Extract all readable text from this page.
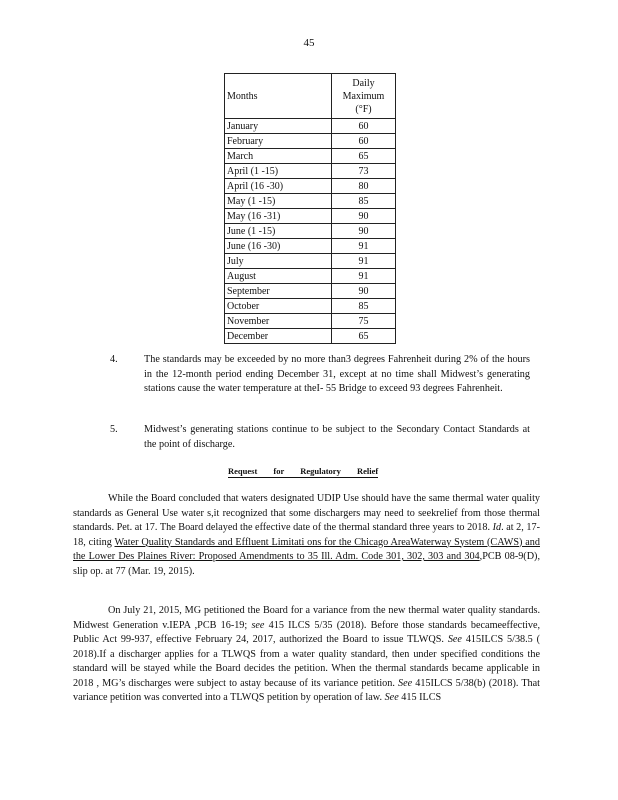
45
Months	Daily
Maximum
(°F)
January	60
February	60
March	65
April (1 -15)	73
April (16 -30)	80
May (1 -15)	85
May (16 -31)	90
June (1 -15)	90
June (16 -30)	91
July	91
August	91
September	90
October	85
November	75
December	65
4.	The standards may be exceeded by no more than3 degrees Fahrenheit during 2% of the hours in the 12-month period ending December 31, except at no time shall Midwest’s generating stations cause the water temperature at theI- 55 Bridge to exceed 93 degrees Fahrenheit.
5.	Midwest’s generating stations continue to be subject to the Secondary Contact Standards at the point of discharge.
Request for Regulatory Relief
While the Board concluded that waters designated UDIP Use should have the same thermal water quality standards as General Use water s,it recognized that some dischargers may need to seekrelief from those thermal standards. Pet. at 17. The Board delayed the effective date of the thermal standard three years to 2018. Id. at 2, 17-18, citing Water Quality Standards and Effluent Limitati ons for the Chicago AreaWaterway System (CAWS) and the Lower Des Plaines River: Proposed Amendments to 35 Ill. Adm. Code 301, 302, 303 and 304,PCB 08-9(D), slip op. at 77 (Mar. 19, 2015).
On July 21, 2015, MG petitioned the Board for a variance from the new thermal water quality standards. Midwest Generation v.IEPA ,PCB 16-19; see 415 ILCS 5/35 (2018). Before those standards becameeffective, Public Act 99-937, effective February 24, 2017, authorized the Board to issue TLWQS. See 415ILCS 5/38.5 ( 2018).If a discharger applies for a TLWQS from a water quality standard, then under specified conditions the standard will be stayed while the Board decides the petition. When the thermal standards became applicable in 2018 , MG’s discharges were subject to astay because of its variance petition. See 415ILCS 5/38(b) (2018). That variance petition was converted into a TLWQS petition by operation of law. See 415 ILCS
